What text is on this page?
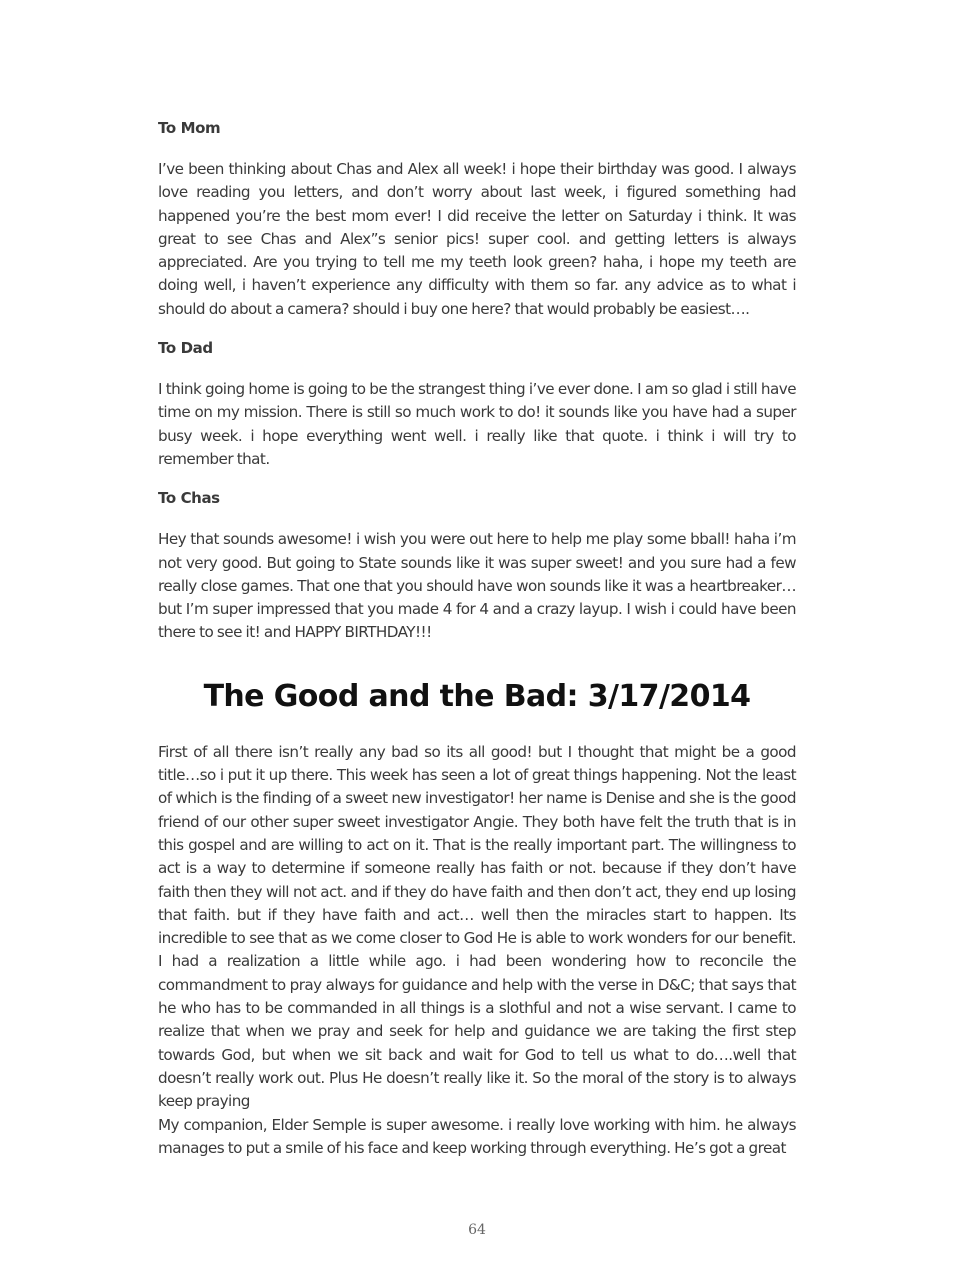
To Mom

I’ve been thinking about Chas and Alex all week! i hope their birthday was good. I always love reading you letters, and don’t worry about last week, i figured something had happened you’re the best mom ever! I did receive the letter on Saturday i think. It was great to see Chas and Alex”s senior pics! super cool. and getting letters is always appreciated. Are you trying to tell me my teeth look green? haha, i hope my teeth are doing well, i haven’t experience any difficulty with them so far. any advice as to what i should do about a camera? should i buy one here? that would probably be easiest….

To Dad

I think going home is going to be the strangest thing i’ve ever done. I am so glad i still have time on my mission. There is still so much work to do! it sounds like you have had a super busy week. i hope everything went well. i really like that quote. i think i will try to remember that.

To Chas

Hey that sounds awesome! i wish you were out here to help me play some bball! haha i’m not very good. But going to State sounds like it was super sweet! and you sure had a few really close games. That one that you should have won sounds like it was a heartbreaker… but I’m super impressed that you made 4 for 4 and a crazy layup. I wish i could have been there to see it! and HAPPY BIRTHDAY!!!

The Good and the Bad: 3/17/2014

First of all there isn’t really any bad so its all good! but I thought that might be a good title…so i put it up there. This week has seen a lot of great things happening. Not the least of which is the finding of a sweet new investigator! her name is Denise and she is the good friend of our other super sweet investigator Angie. They both have felt the truth that is in this gospel and are willing to act on it. That is the really important part. The willingness to act is a way to determine if someone really has faith or not. because if they don’t have faith then they will not act. and if they do have faith and then don’t act, they end up losing that faith. but if they have faith and act… well then the miracles start to happen. Its incredible to see that as we come closer to God He is able to work wonders for our benefit. I had a realization a little while ago. i had been wondering how to reconcile the commandment to pray always for guidance and help with the verse in D&C; that says that he who has to be commanded in all things is a slothful and not a wise servant. I came to realize that when we pray and seek for help and guidance we are taking the first step towards God, but when we sit back and wait for God to tell us what to do….well that doesn’t really work out. Plus He doesn’t really like it. So the moral of the story is to always keep praying

My companion, Elder Semple is super awesome. i really love working with him. he always manages to put a smile of his face and keep working through everything. He’s got a great

64
